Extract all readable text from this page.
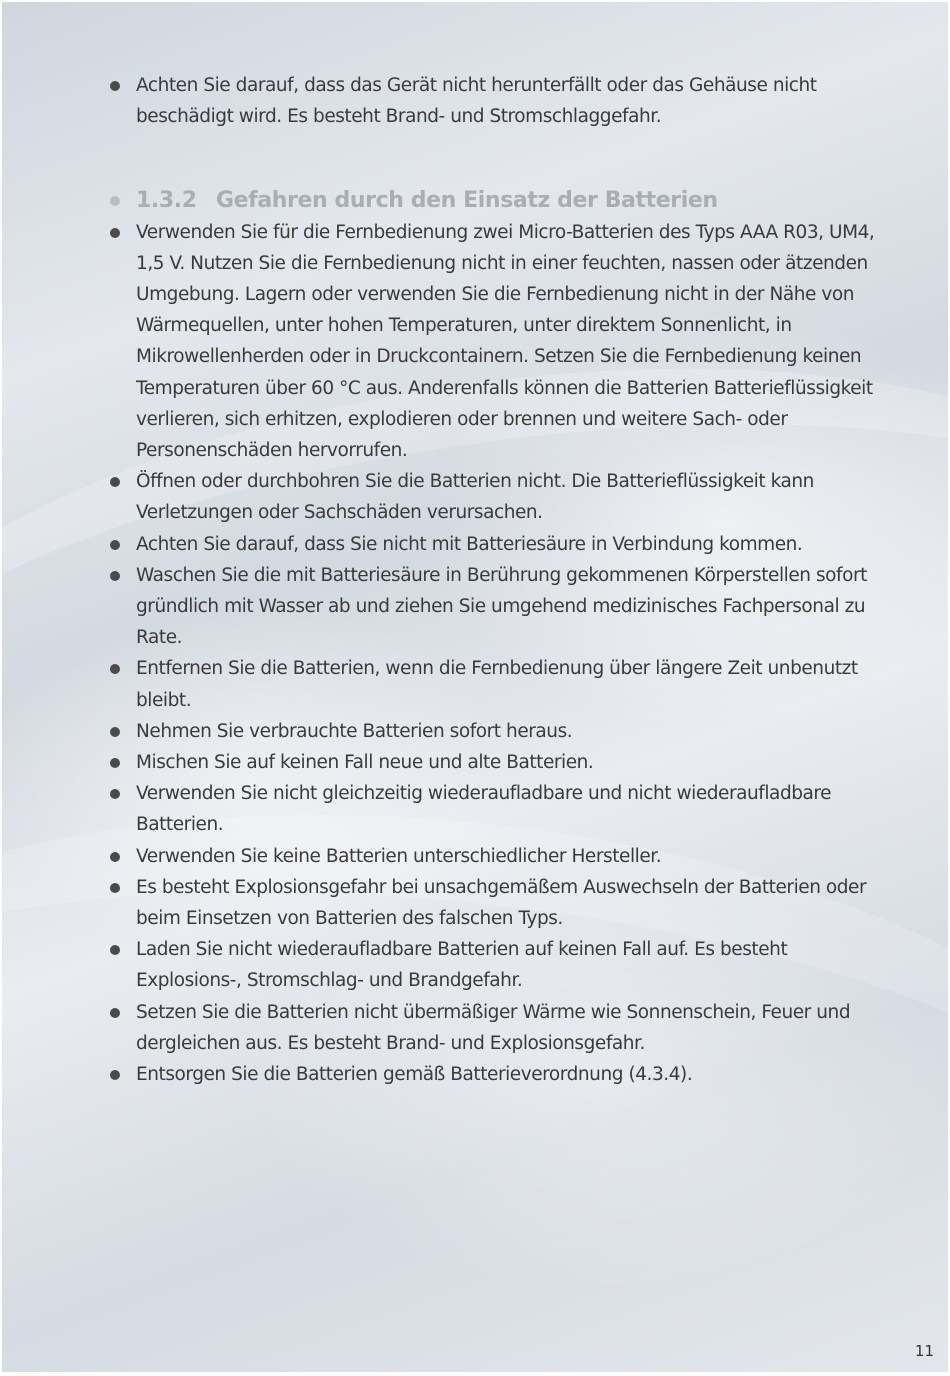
Achten Sie darauf, dass das Gerät nicht herunterfällt oder das Gehäuse nicht beschädigt wird. Es besteht Brand- und Stromschlaggefahr.
1.3.2 Gefahren durch den Einsatz der Batterien
Verwenden Sie für die Fernbedienung zwei Micro-Batterien des Typs AAA R03, UM4, 1,5 V. Nutzen Sie die Fernbedienung nicht in einer feuchten, nassen oder ätzenden Umgebung. Lagern oder verwenden Sie die Fernbedienung nicht in der Nähe von Wärmequellen, unter hohen Temperaturen, unter direktem Sonnenlicht, in Mikrowellenherden oder in Druckcontainern. Setzen Sie die Fernbedienung keinen Temperaturen über 60 °C aus. Anderenfalls können die Batterien Batterieflüssigkeit verlieren, sich erhitzen, explodieren oder brennen und weitere Sach- oder Personenschäden hervorrufen.
Öffnen oder durchbohren Sie die Batterien nicht. Die Batterieflüssigkeit kann Verletzungen oder Sachschäden verursachen.
Achten Sie darauf, dass Sie nicht mit Batteriesäure in Verbindung kommen.
Waschen Sie die mit Batteriesäure in Berührung gekommenen Körperstellen sofort gründlich mit Wasser ab und ziehen Sie umgehend medizinisches Fachpersonal zu Rate.
Entfernen Sie die Batterien, wenn die Fernbedienung über längere Zeit unbenutzt bleibt.
Nehmen Sie verbrauchte Batterien sofort heraus.
Mischen Sie auf keinen Fall neue und alte Batterien.
Verwenden Sie nicht gleichzeitig wiederaufladbare und nicht wiederaufladbare Batterien.
Verwenden Sie keine Batterien unterschiedlicher Hersteller.
Es besteht Explosionsgefahr bei unsachgemäßem Auswechseln der Batterien oder beim Einsetzen von Batterien des falschen Typs.
Laden Sie nicht wiederaufladbare Batterien auf keinen Fall auf. Es besteht Explosions-, Stromschlag- und Brandgefahr.
Setzen Sie die Batterien nicht übermäßiger Wärme wie Sonnenschein, Feuer und dergleichen aus. Es besteht Brand- und Explosionsgefahr.
Entsorgen Sie die Batterien gemäß Batterieverordnung (4.3.4).
11
